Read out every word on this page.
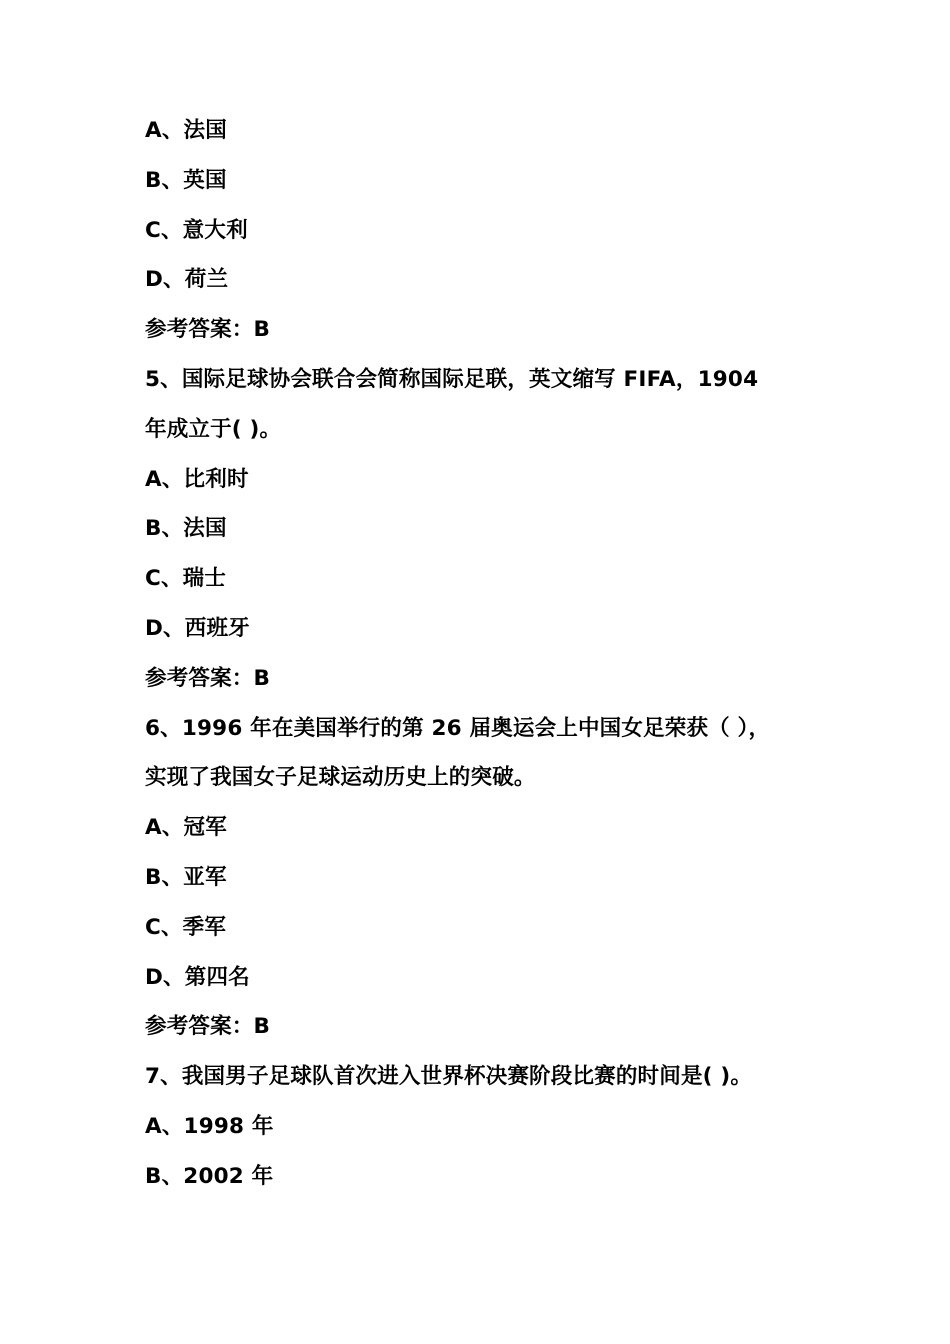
A、法国
B、英国
C、意大利
D、荷兰
参考答案：B
5、国际足球协会联合会简称国际足联，英文缩写 FIFA，1904
年成立于( )。
A、比利时
B、法国
C、瑞士
D、西班牙
参考答案：B
6、1996 年在美国举行的第 26 届奥运会上中国女足荣获（ ），
实现了我国女子足球运动历史上的突破。
A、冠军
B、亚军
C、季军
D、第四名
参考答案：B
7、我国男子足球队首次进入世界杯决赛阶段比赛的时间是( )。
A、1998 年
B、2002 年
